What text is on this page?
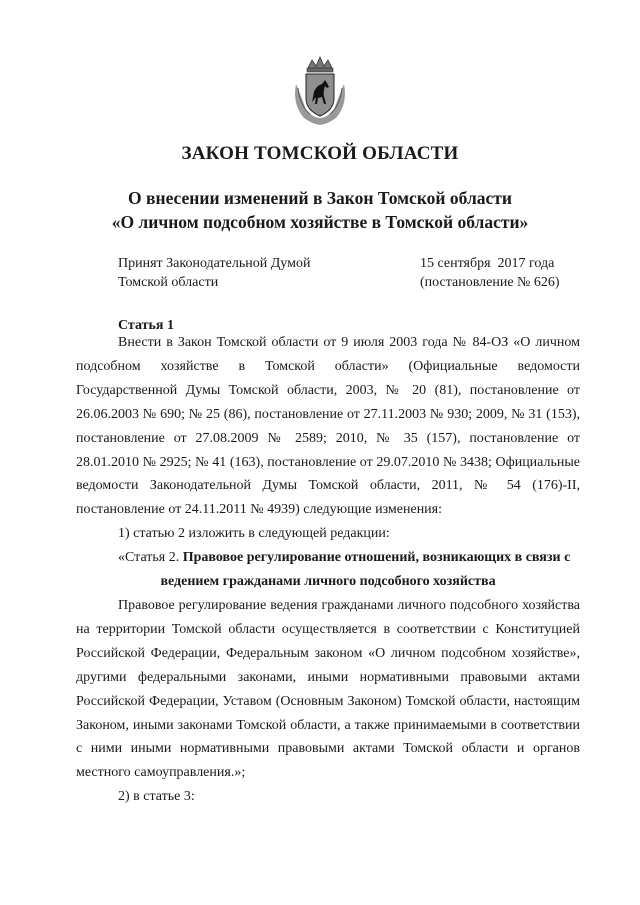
ЗАКОН ТОМСКОЙ ОБЛАСТИ
О внесении изменений в Закон Томской области
«О личном подсобном хозяйстве в Томской области»
Принят Законодательной Думой
Томской области
15 сентября  2017 года
(постановление № 626)
Статья 1

Внести в Закон Томской области от 9 июля 2003 года № 84-ОЗ «О личном подсобном хозяйстве в Томской области» (Официальные ведомости Государственной Думы Томской области, 2003, № 20 (81), постановление от 26.06.2003 № 690; № 25 (86), постановление от 27.11.2003 № 930; 2009, № 31 (153), постановление от 27.08.2009 № 2589; 2010, № 35 (157), постановление от 28.01.2010 № 2925; № 41 (163), постановление от 29.07.2010 № 3438; Официальные ведомости Законодательной Думы Томской области, 2011, № 54 (176)-II, постановление от 24.11.2011 № 4939) следующие изменения:

1) статью 2 изложить в следующей редакции:

«Статья 2. Правовое регулирование отношений, возникающих в связи с

ведением гражданами личного подсобного хозяйства

Правовое регулирование ведения гражданами личного подсобного хозяйства на территории Томской области осуществляется в соответствии с Конституцией Российской Федерации, Федеральным законом «О личном подсобном хозяйстве», другими федеральными законами, иными нормативными правовыми актами Российской Федерации, Уставом (Основным Законом) Томской области, настоящим Законом, иными законами Томской области, а также принимаемыми в соответствии с ними иными нормативными правовыми актами Томской области и органов местного самоуправления.»;

2) в статье 3:
